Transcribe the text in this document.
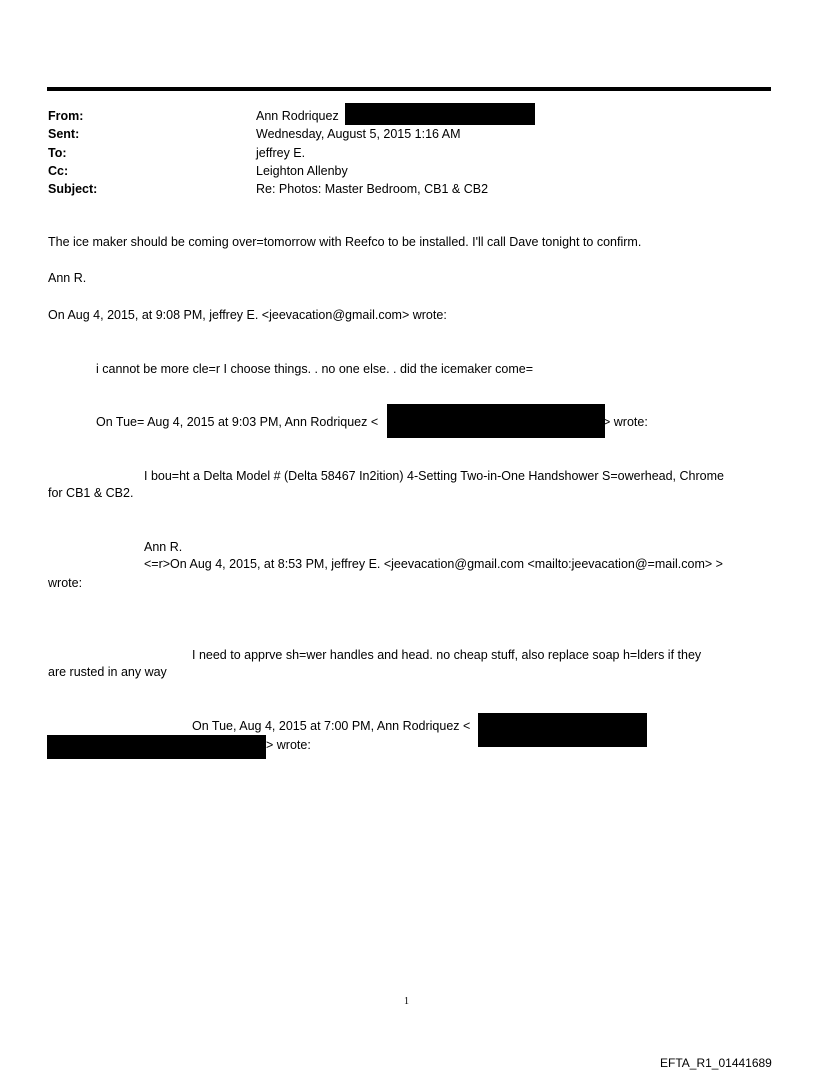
From:	Ann Rodriquez
Sent:	Wednesday, August 5, 2015 1:16 AM
To:	jeffrey E.
Cc:	Leighton Allenby
Subject:	Re: Photos: Master Bedroom, CB1 & CB2
The ice maker should be coming over=tomorrow with Reefco to be installed. I'll call Dave tonight to confirm.
Ann R.
On Aug 4, 2015, at 9:08 PM, jeffrey E. <jeevacation@gmail.com> wrote:
i cannot be more cle=r I choose things. . no one else. . did the icemaker come=
On Tue= Aug 4, 2015 at 9:03 PM, Ann Rodriquez <	> wrote:
I bou=ht a Delta Model # (Delta 58467 In2ition) 4-Setting Two-in-One Handshower S=owerhead, Chrome
for CB1 & CB2.
Ann R.
<=r>On Aug 4, 2015, at 8:53 PM, jeffrey E. <jeevacation@gmail.com <mailto:jeevacation@=mail.com> >
wrote:
I need to apprve sh=wer handles and head. no cheap stuff, also replace soap h=lders if they
are rusted in any way
On Tue, Aug 4, 2015 at 7:00 PM, Ann Rodriquez <
> wrote:
1
EFTA_R1_01441689
